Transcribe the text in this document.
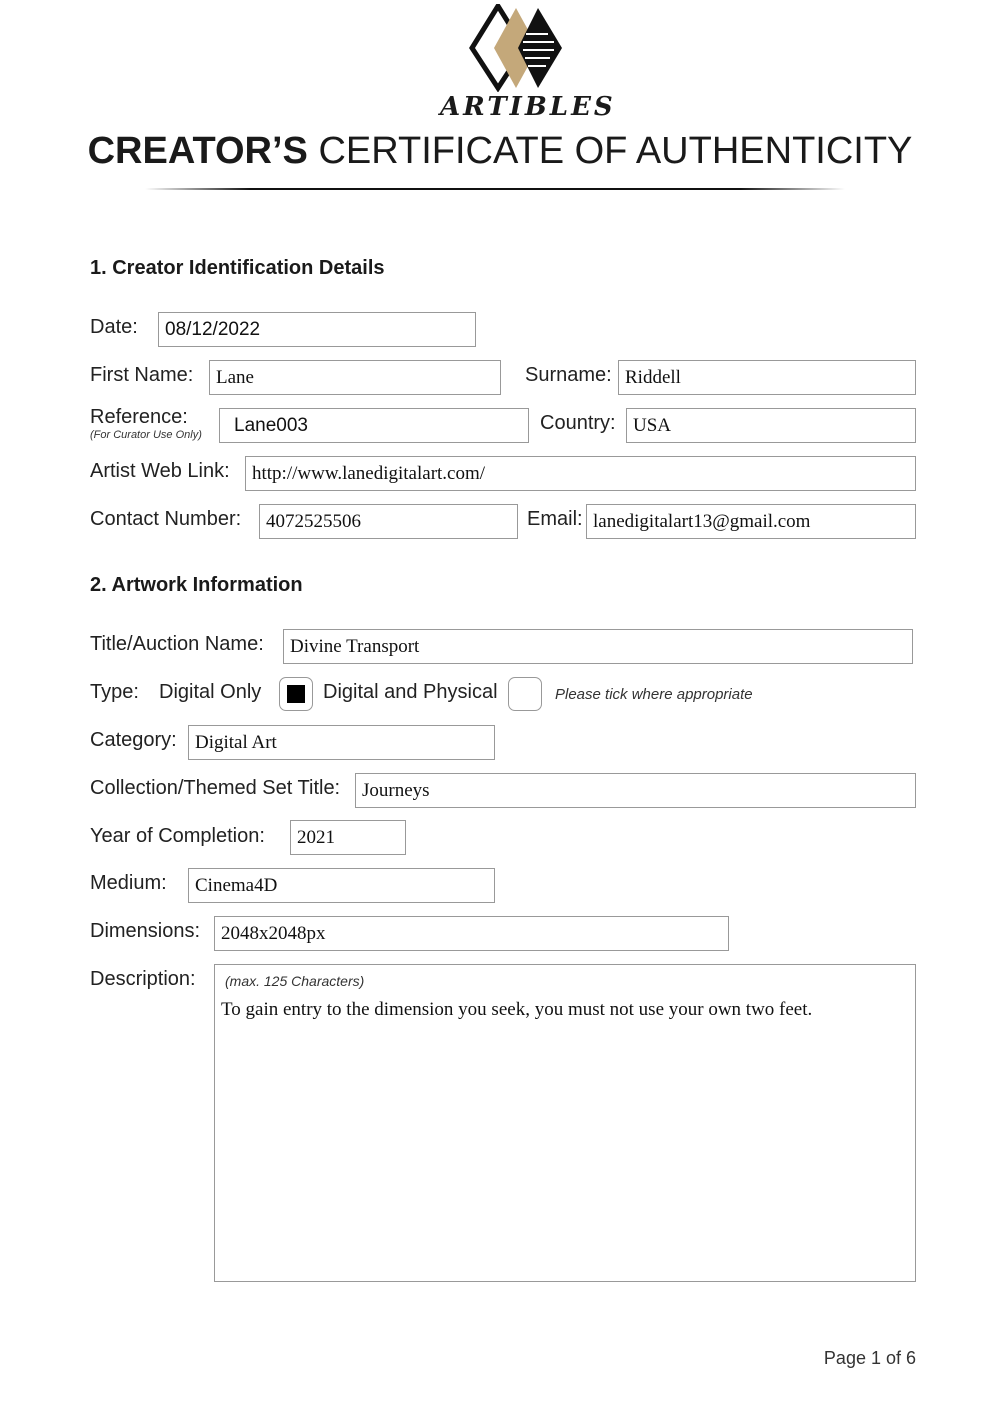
ARTIBLES
CREATOR’S CERTIFICATE OF AUTHENTICITY
1. Creator Identification Details
Date:	08/12/2022
First Name:	Lane	Surname: Riddell
Reference:
(For Curator Use Only)	Lane003	Country: USA
Artist Web Link:	http://www.lanedigitalart.com/
Contact Number:	4072525506	Email: lanedigitalart13@gmail.com
2. Artwork Information
Title/Auction Name:	Divine Transport
Type: Digital Only	Digital and Physical	Please tick where appropriate
Category: Digital Art
Collection/Themed Set Title:	Journeys
Year of Completion:	2021
Medium:	Cinema4D
Dimensions:	2048x2048px
Description: (max. 125 Characters)
To gain entry to the dimension you seek, you must not use your own two feet.
Page 1 of 6
